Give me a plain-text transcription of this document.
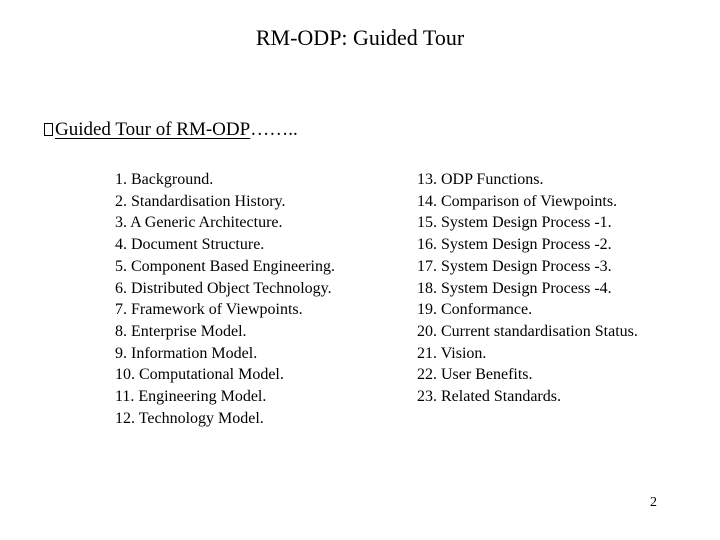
RM-ODP: Guided Tour
Guided Tour of RM-ODP……..
1. Background.
2. Standardisation History.
3. A Generic Architecture.
4. Document Structure.
5. Component Based Engineering.
6. Distributed Object Technology.
7. Framework of Viewpoints.
8. Enterprise Model.
9. Information Model.
10. Computational Model.
11. Engineering Model.
12. Technology Model.
13. ODP Functions.
14. Comparison of Viewpoints.
15. System Design Process -1.
16. System Design Process -2.
17. System Design Process -3.
18. System Design Process -4.
19. Conformance.
20. Current standardisation Status.
21. Vision.
22. User Benefits.
23. Related Standards.
2
